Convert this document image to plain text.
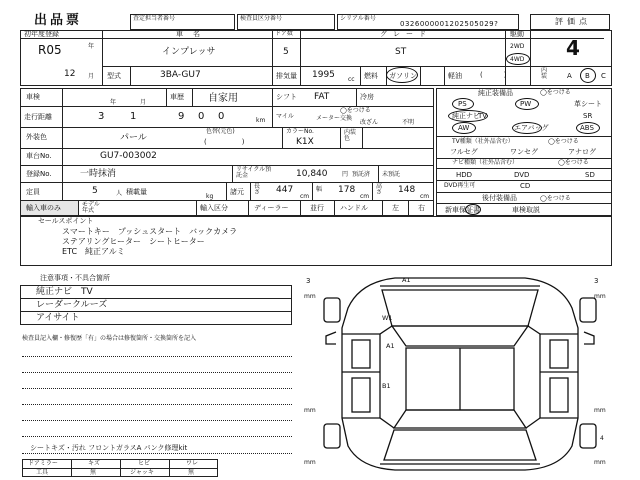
出品票	査定担当者番号	検査員区分番号	シリアル番号
0326000001202505029?	評価点
初年度登録
R05	年
12 月
車名
インプレッサ
ドア数
5
グレード
ST
駆動
2WD
4WD 4
型式	3BA-GU7	排気量 1995 cc 燃料 ガソリン	軽油	(　　　)
内装	A B C
車検
年	月
車歴 自家用	シフト FAT	冷房
走行距離	3	1	9 0 0	km
マイル
◯をつける
メーター交換
改ざん	不明
外装色	パール
色替(元色)
(　　　　　)
カラーNo.
K1X
内装色
車台No.	GU7-003002
登録No.	一時抹消	リサイクル預託金	10,840 円 預託済 未預託
定員	5	人 積載量
kg
諸元
長さ 447
cm
幅 178
cm
高さ 148
cm
輸入車のみ	モデル年式	輸入区分	ディーラー	並行 ハンドル	左	右
純正装備品	◯をつける
PS	PW	革シート
純正ナビ
TV	SR
AW	エアバッグ	ABS
TV種類（社外品含む）	◯をつける
フルセグ	ワンセグ	アナログ
ナビ種類（社外品含む）	◯をつける
HDD	DVD	SD
DVD再生可	CD
後付装備品	◯をつける
新車保証書	車検取説
セールスポイント
スマートキー　プッシュスタート　バックカメラ
ステアリングヒーター　シートヒーター
ETC　純正アルミ
注意事項・不具合箇所
純正ナビ　TV
レーダークルーズ
アイサイト
検査員記入欄・修復歴「有」の場合は修復箇所・交換箇所を記入
シートキズ・汚れ フロントガラスA パンク修理kit
ドアミラー	キズ	ヒビ	ワレ
工具	無	ジャッキ	無
3
mm
3
mm
mm	mm
mm	mm
A1
W1
A1
B1
4
